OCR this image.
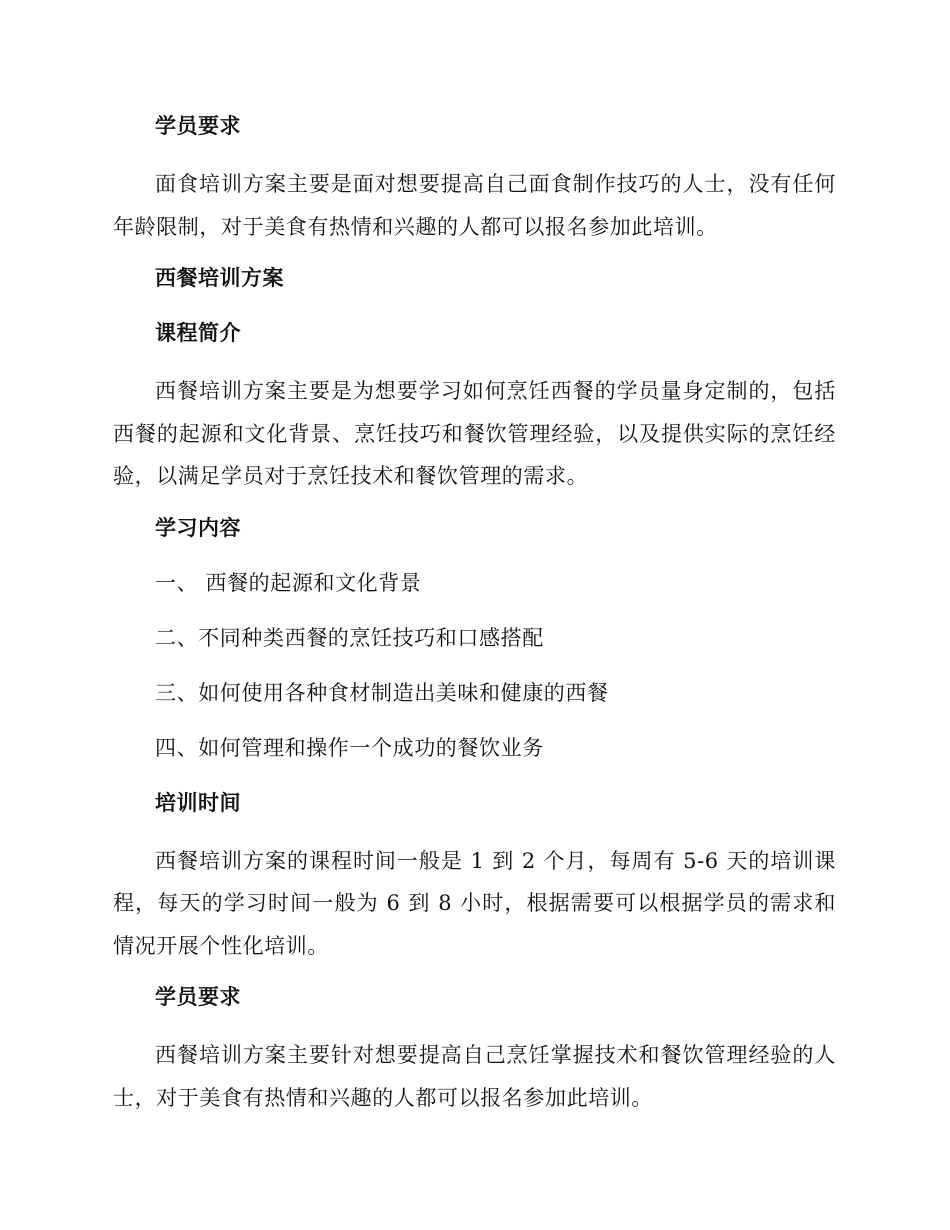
学员要求

面食培训方案主要是面对想要提高自己面食制作技巧的人士，没有任何年龄限制，对于美食有热情和兴趣的人都可以报名参加此培训。

西餐培训方案

课程简介

西餐培训方案主要是为想要学习如何烹饪西餐的学员量身定制的，包括西餐的起源和文化背景、烹饪技巧和餐饮管理经验，以及提供实际的烹饪经验，以满足学员对于烹饪技术和餐饮管理的需求。

学习内容

一、 西餐的起源和文化背景

二、不同种类西餐的烹饪技巧和口感搭配

三、如何使用各种食材制造出美味和健康的西餐

四、如何管理和操作一个成功的餐饮业务

培训时间

西餐培训方案的课程时间一般是 1 到 2 个月，每周有 5-6 天的培训课程，每天的学习时间一般为 6 到 8 小时，根据需要可以根据学员的需求和情况开展个性化培训。

学员要求

西餐培训方案主要针对想要提高自己烹饪掌握技术和餐饮管理经验的人士，对于美食有热情和兴趣的人都可以报名参加此培训。
